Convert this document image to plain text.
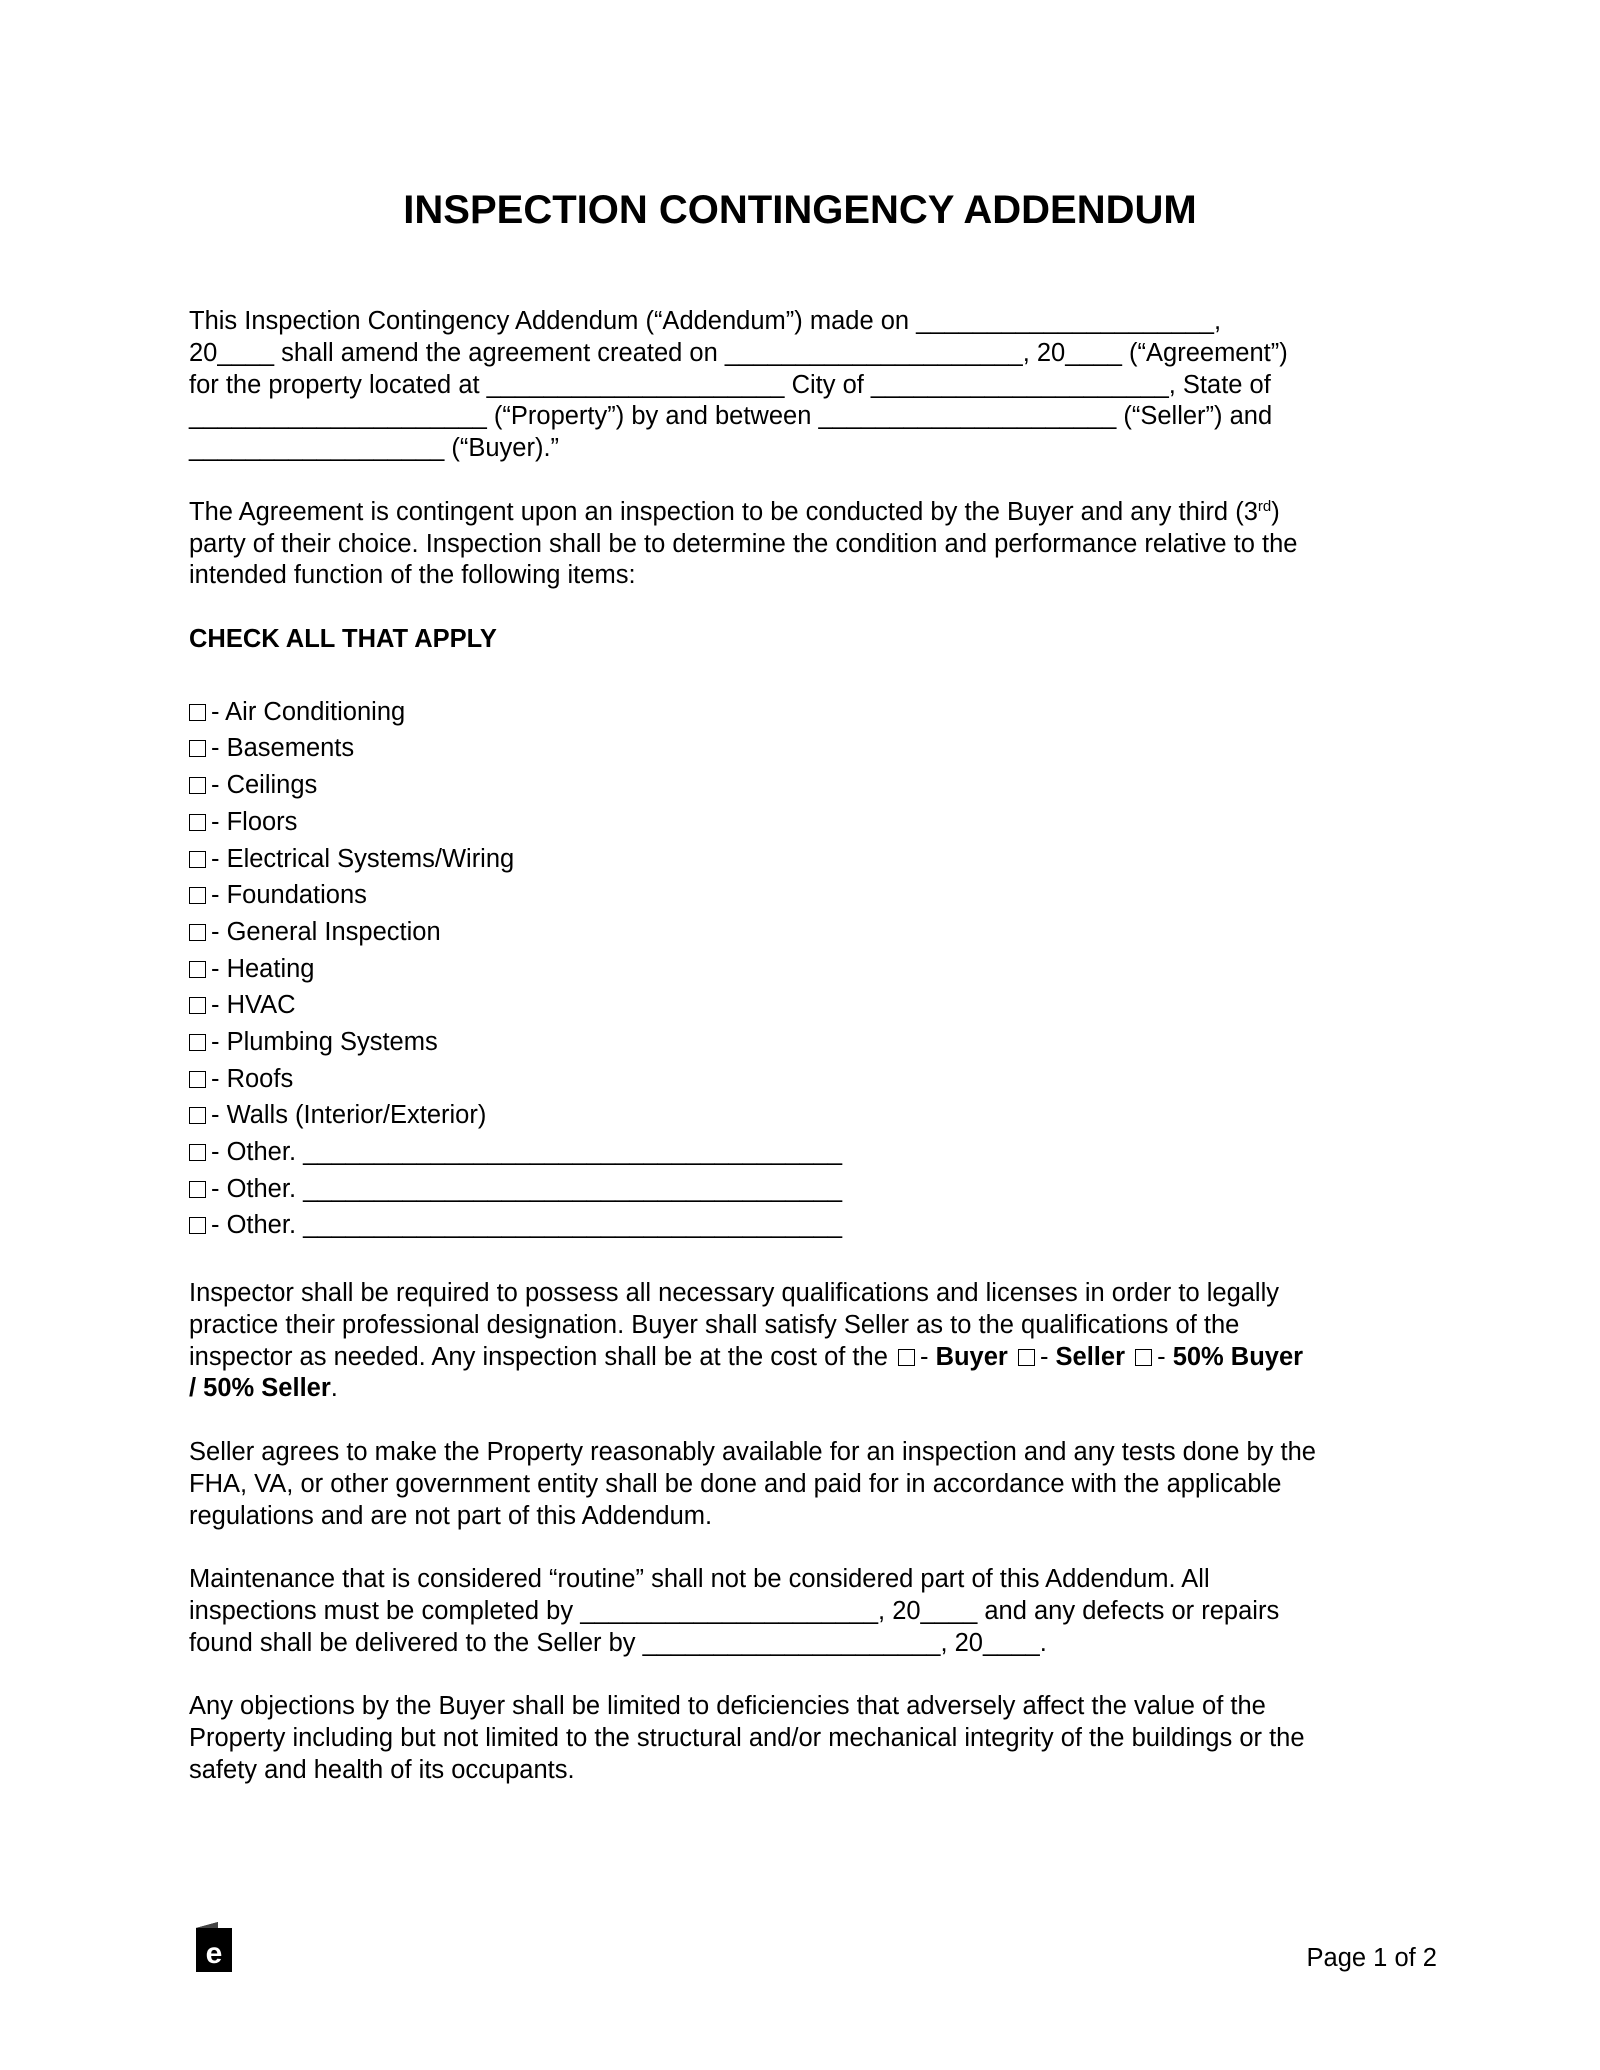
INSPECTION CONTINGENCY ADDENDUM
This Inspection Contingency Addendum (“Addendum”) made on _____________________,
20____ shall amend the agreement created on _____________________, 20____ (“Agreement”)
for the property located at _____________________ City of _____________________, State of
_____________________ (“Property”) by and between _____________________ (“Seller”) and
__________________ (“Buyer).”
The Agreement is contingent upon an inspection to be conducted by the Buyer and any third (3rd)
party of their choice. Inspection shall be to determine the condition and performance relative to the
intended function of the following items:
CHECK ALL THAT APPLY
- Air Conditioning
- Basements
- Ceilings
- Floors
- Electrical Systems/Wiring
- Foundations
- General Inspection
- Heating
- HVAC
- Plumbing Systems
- Roofs
- Walls (Interior/Exterior)
- Other. ______________________________________
- Other. ______________________________________
- Other. ______________________________________
Inspector shall be required to possess all necessary qualifications and licenses in order to legally
practice their professional designation. Buyer shall satisfy Seller as to the qualifications of the
inspector as needed. Any inspection shall be at the cost of the - Buyer - Seller - 50% Buyer
/ 50% Seller.
Seller agrees to make the Property reasonably available for an inspection and any tests done by the
FHA, VA, or other government entity shall be done and paid for in accordance with the applicable
regulations and are not part of this Addendum.
Maintenance that is considered “routine” shall not be considered part of this Addendum. All
inspections must be completed by _____________________, 20____ and any defects or repairs
found shall be delivered to the Seller by _____________________, 20____.
Any objections by the Buyer shall be limited to deficiencies that adversely affect the value of the
Property including but not limited to the structural and/or mechanical integrity of the buildings or the
safety and health of its occupants.
e	Page 1 of 2
